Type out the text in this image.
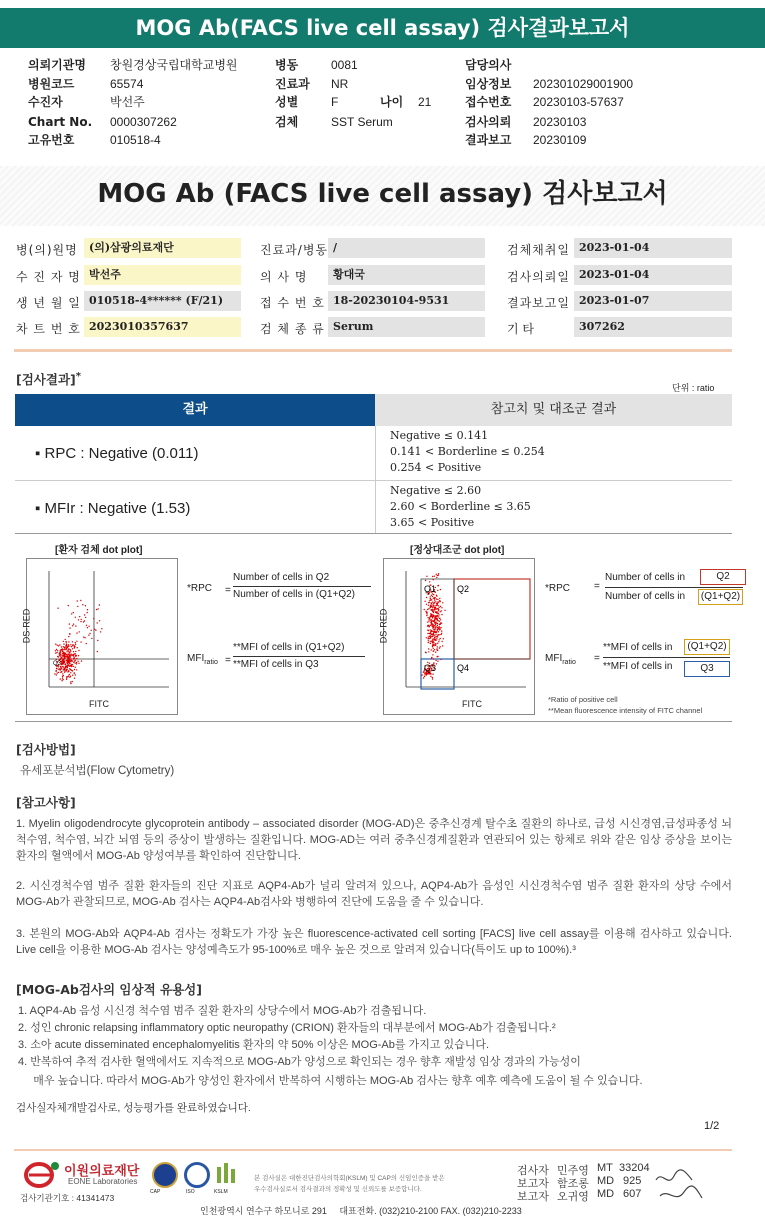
MOG Ab(FACS live cell assay) 검사결과보고서
의뢰기관명 창원경상국립대학교병원
병원코드	65574
수진자	박선주
Chart No. 0000307262
고유번호	010518-4
병동	0081
진료과 NR
성별	F	나이 21
검체	SST Serum
담당의사
임상정보 202301029001900
접수번호 20230103-57637
검사의뢰 20230103
결과보고 20230109
MOG Ab (FACS live cell assay) 검사보고서
병(의)원명	(의)삼광의료재단
수 진 자 명 박선주
생 년 월 일 010518-4****** (F/21)
차 트 번 호 2023010357637
진료과/병동 /
의 사 명	황대국
접 수 번 호 18-20230104-9531
검 체 종 류 Serum
검체채취일 2023-01-04
검사의뢰일 2023-01-04
결과보고일 2023-01-07
기 타	307262
[검사결과]*
단위 : ratio
결과	참고치 및 대조군 결과
▪ RPC : Negative (0.011)
Negative ≤ 0.141
0.141 < Borderline ≤ 0.254
0.254 < Positive
▪ MFIr : Negative (1.53)
Negative ≤ 2.60
2.60 < Borderline ≤ 3.65
3.65 < Positive
[환자 검체 dot plot]	[정상대조군 dot plot]
Q3
DS-RED
FITC
*RPC =
Number of cells in Q2
Number of cells in (Q1+Q2)
$MFI_{ratio}$ =
**MFI of cells in (Q1+Q2)
**MFI of cells in Q3
Q1 Q2
Q3 Q4
DS-RED
FITC
*RPC =
Number of cells in	Q2
Number of cells in (Q1+Q2)
$MFI_{ratio}$ =
**MFI of cells in	(Q1+Q2)
**MFI of cells in	Q3
*Ratio of positive cell
**Mean fluorescence intensity of FITC channel
[검사방법]
유세포분석법(Flow Cytometry)
[참고사항]
1. Myelin oligodendrocyte glycoprotein antibody – associated disorder (MOG-AD)은 중추신경계 탈수초 질환의 하나로, 급성 시신경염,급성파종성 뇌척수염, 척수염, 뇌간 뇌염 등의 증상이 발생하는 질환입니다. MOG-AD는 여러 중추신경계질환과 연관되어 있는 항체로 위와 같은 임상 증상을 보이는 환자의 혈액에서 MOG-Ab 양성여부를 확인하여 진단합니다.
2. 시신경척수염 범주 질환 환자들의 진단 지표로 AQP4-Ab가 널리 알려져 있으나, AQP4-Ab가 음성인 시신경척수염 범주 질환 환자의 상당 수에서 MOG-Ab가 관찰되므로, MOG-Ab 검사는 AQP4-Ab검사와 병행하여 진단에 도움을 줄 수 있습니다.
3. 본원의 MOG-Ab와 AQP4-Ab 검사는 정확도가 가장 높은 fluorescence-activated cell sorting [FACS] live cell assay를 이용해 검사하고 있습니다. Live cell을 이용한 MOG-Ab 검사는 양성예측도가 95-100%로 매우 높은 것으로 알려져 있습니다(특이도 up to 100%).³
[MOG-Ab검사의 임상적 유용성]
1. AQP4-Ab 음성 시신경 척수염 범주 질환 환자의 상당수에서 MOG-Ab가 검출됩니다.
2. 성인 chronic relapsing inflammatory optic neuropathy (CRION) 환자들의 대부분에서 MOG-Ab가 검출됩니다.²
3. 소아 acute disseminated encephalomyelitis 환자의 약 50% 이상은 MOG-Ab를 가지고 있습니다.
4. 반복하여 추적 검사한 혈액에서도 지속적으로 MOG-Ab가 양성으로 확인되는 경우 향후 재발성 임상 경과의 가능성이
매우 높습니다. 따라서 MOG-Ab가 양성인 환자에서 반복하여 시행하는 MOG-Ab 검사는 향후 예후 예측에 도움이 될 수 있습니다.
검사실자체개발검사로, 성능평가를 완료하였습니다.
1/2
이원의료재단
EONE Laboratories
검사기관기호 : 41341473
CAP	ISO	KSLM
본 검사실은 대한진단검사의학회(KSLM) 및 CAP의 신임인증을 받은
우수검사실로서 검사결과의 정확성 및 신뢰도를 보증합니다.
검사자 민주영 MT 33204
보고자 함조롱 MD 925
보고자 오귀영 MD 607
인천광역시 연수구 하모니로 291     대표전화. (032)210-2100 FAX. (032)210-2233
